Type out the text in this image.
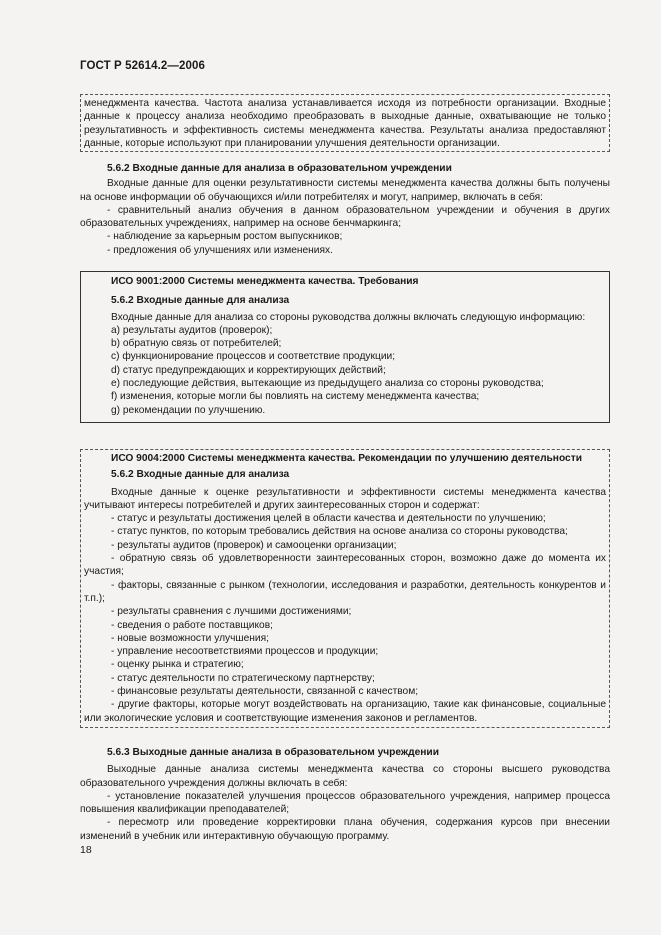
ГОСТ Р 52614.2—2006

менеджмента качества. Частота анализа устанавливается исходя из потребности организации. Входные данные к процессу анализа необходимо преобразовать в выходные данные, охватывающие не только результативность и эффективность системы менеджмента качества. Результаты анализа предоставляют данные, которые используют при планировании улучшения деятельности организации.

5.6.2 Входные данные для анализа в образовательном учреждении

Входные данные для оценки результативности системы менеджмента качества должны быть получены на основе информации об обучающихся и/или потребителях и могут, например, включать в себя:

- сравнительный анализ обучения в данном образовательном учреждении и обучения в других образовательных учреждениях, например на основе бенчмаркинга;

- наблюдение за карьерным ростом выпускников;

- предложения об улучшениях или изменениях.

ИСО 9001:2000 Системы менеджмента качества. Требования
5.6.2 Входные данные для анализа

Входные данные для анализа со стороны руководства должны включать следующую информацию:

a) результаты аудитов (проверок);

b) обратную связь от потребителей;

c) функционирование процессов и соответствие продукции;

d) статус предупреждающих и корректирующих действий;

e) последующие действия, вытекающие из предыдущего анализа со стороны руководства;

f) изменения, которые могли бы повлиять на систему менеджмента качества;

g) рекомендации по улучшению.

ИСО 9004:2000 Системы менеджмента качества. Рекомендации по улучшению деятельности

5.6.2 Входные данные для анализа

Входные данные к оценке результативности и эффективности системы менеджмента качества учитывают интересы потребителей и других заинтересованных сторон и содержат:

- статус и результаты достижения целей в области качества и деятельности по улучшению;

- статус пунктов, по которым требовались действия на основе анализа со стороны руководства;

- результаты аудитов (проверок) и самооценки организации;

- обратную связь об удовлетворенности заинтересованных сторон, возможно даже до момента их участия;

- факторы, связанные с рынком (технологии, исследования и разработки, деятельность конкурентов и т.п.);

- результаты сравнения с лучшими достижениями;

- сведения о работе поставщиков;

- новые возможности улучшения;

- управление несоответствиями процессов и продукции;

- оценку рынка и стратегию;

- статус деятельности по стратегическому партнерству;

- финансовые результаты деятельности, связанной с качеством;

- другие факторы, которые могут воздействовать на организацию, такие как финансовые, социальные или экологические условия и соответствующие изменения законов и регламентов.

5.6.3 Выходные данные анализа в образовательном учреждении

Выходные данные анализа системы менеджмента качества со стороны высшего руководства образовательного учреждения должны включать в себя:

- установление показателей улучшения процессов образовательного учреждения, например процесса повышения квалификации преподавателей;

- пересмотр или проведение корректировки плана обучения, содержания курсов при внесении изменений в учебник или интерактивную обучающую программу.

18
